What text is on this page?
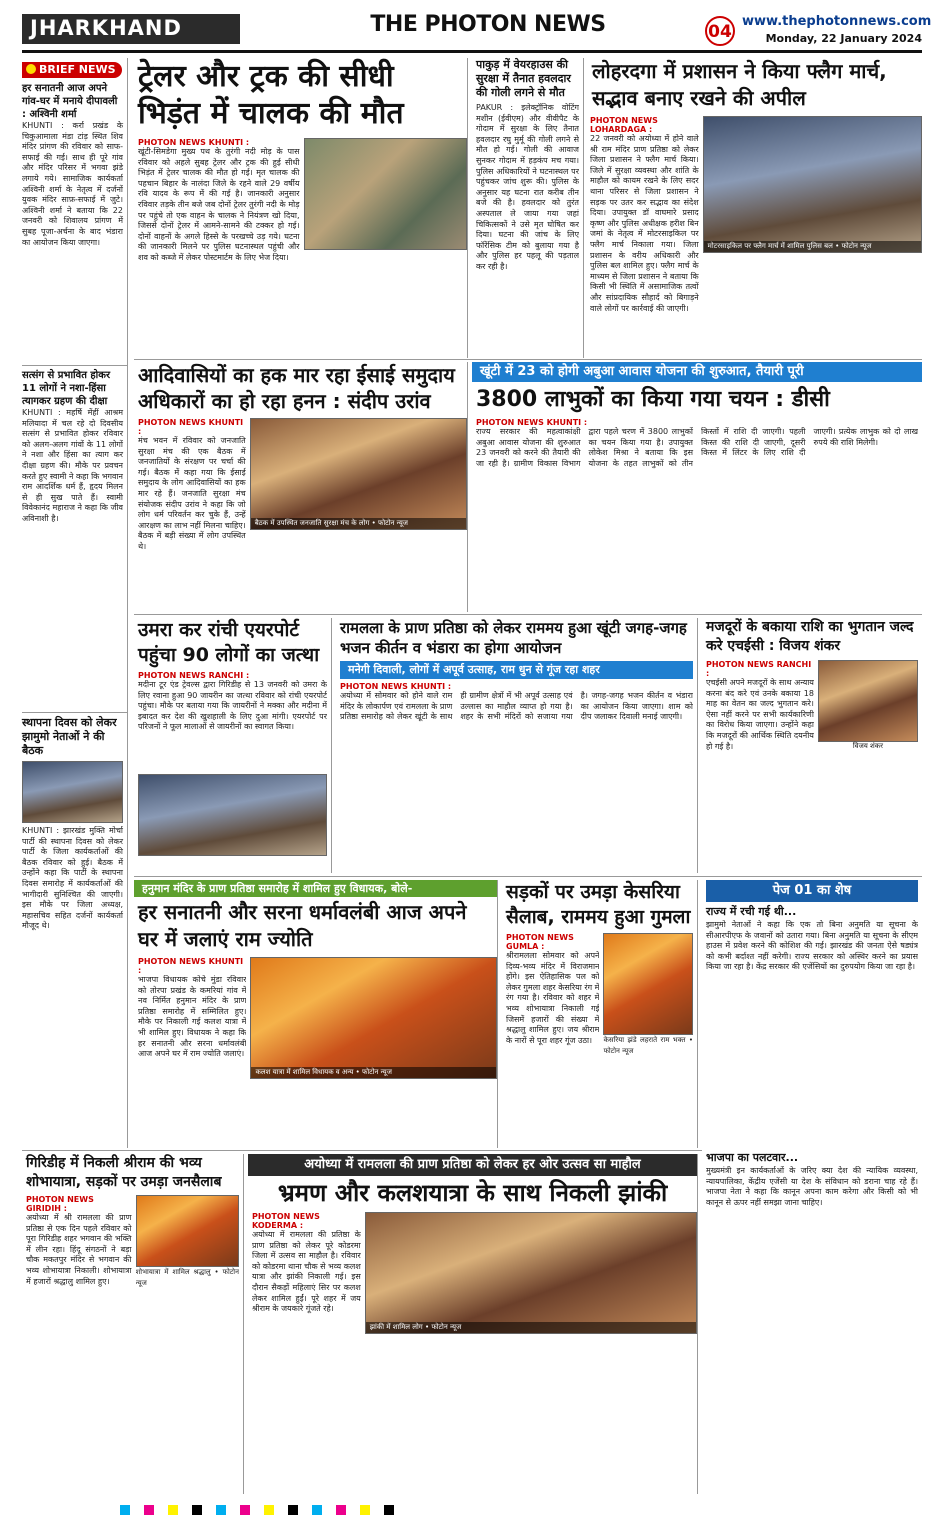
JHARKHAND	THE PHOTON NEWS	04
www.thephotonnews.com
Monday, 22 January 2024
BRIEF NEWS
हर सनातनी आज अपने गांव-घर में मनाये दीपावली : अश्विनी शर्मा
KHUNTI : कर्रा प्रखंड के चिकुआमाला मंडा टांड़ स्थित शिव मंदिर प्रांगण की रविवार को साफ-सफाई की गई। साथ ही पूरे गांव और मंदिर परिसर में भगवा झंडे लगाये गये। सामाजिक कार्यकर्ता अश्विनी शर्मा के नेतृत्व में दर्जनों युवक मंदिर साफ़-सफाई में जुटे। अश्विनी शर्मा ने बताया कि 22 जनवरी को शिवालय प्रांगण में सुबह पूजा-अर्चना के बाद भंडारा का आयोजन किया जाएगा।
सत्संग से प्रभावित होकर 11 लोगों ने नशा-हिंसा त्यागकर ग्रहण की दीक्षा
KHUNTI : महर्षि मेंहीं आश्रम मलियादा में चल रहे दो दिवसीय सत्संग से प्रभावित होकर रविवार को अलग-अलग गांवों के 11 लोगों ने नशा और हिंसा का त्याग कर दीक्षा ग्रहण की। मौके पर प्रवचन करते हुए स्वामी ने कहा कि भगवान राम आदर्शिक धर्म हैं, हृदय मिलन से ही सुख पाते हैं। स्वामी विवेकानंद महाराज ने कहा कि जीव अविनाशी है।
स्थापना दिवस को लेकर झामुमो नेताओं ने की बैठक
KHUNTI : झारखंड मुक्ति मोर्चा पार्टी की स्थापना दिवस को लेकर पार्टी के जिला कार्यकर्ताओं की बैठक रविवार को हुई। बैठक में उन्होंने कहा कि पार्टी के स्थापना दिवस समारोह में कार्यकर्ताओं की भागीदारी सुनिश्चित की जाएगी। इस मौके पर जिला अध्यक्ष, महासचिव सहित दर्जनों कार्यकर्ता मौजूद थे।
ट्रेलर और ट्रक की सीधी भिड़ंत में चालक की मौत
PHOTON NEWS KHUNTI :
खूंटी-सिमडेगा मुख्य पथ के तुरंगी नदी मोड़ के पास रविवार को अहले सुबह ट्रेलर और ट्रक की हुई सीधी भिड़ंत में ट्रेलर चालक की मौत हो गई। मृत चालक की पहचान बिहार के नालंदा जिले के रहने वाले 29 वर्षीय रवि यादव के रूप में की गई है। जानकारी अनुसार रविवार तड़के तीन बजे जब दोनों ट्रेलर तुरंगी नदी के मोड़ पर पहुंचे तो एक वाहन के चालक ने नियंत्रण खो दिया, जिससे दोनों ट्रेलर में आमने-सामने की टक्कर हो गई। दोनों वाहनों के अगले हिस्से के परखच्चे उड़ गये। घटना की जानकारी मिलने पर पुलिस घटनास्थल पहुंची और शव को कब्जे में लेकर पोस्टमार्टम के लिए भेज दिया।
पाकुड़ में वेयरहाउस की सुरक्षा में तैनात हवलदार की गोली लगने से मौत
PAKUR : इलेक्ट्रॉनिक वोटिंग मशीन (ईवीएम) और वीवीपैट के गोदाम में सुरक्षा के लिए तैनात हवलदार रघु मुर्मू की गोली लगने से मौत हो गई। गोली की आवाज सुनकर गोदाम में हड़कंप मच गया। पुलिस अधिकारियों ने घटनास्थल पर पहुंचकर जांच शुरू की। पुलिस के अनुसार यह घटना रात करीब तीन बजे की है। हवलदार को तुरंत अस्पताल ले जाया गया जहां चिकित्सकों ने उसे मृत घोषित कर दिया। घटना की जांच के लिए फॉरेंसिक टीम को बुलाया गया है और पुलिस हर पहलू की पड़ताल कर रही है।
लोहरदगा में प्रशासन ने किया फ्लैग मार्च, सद्भाव बनाए रखने की अपील
PHOTON NEWS LOHARDAGA :
22 जनवरी को अयोध्या में होने वाले श्री राम मंदिर प्राण प्रतिष्ठा को लेकर जिला प्रशासन ने फ्लैग मार्च किया। जिले में सुरक्षा व्यवस्था और शांति के माहौल को कायम रखने के लिए सदर थाना परिसर से जिला प्रशासन ने सड़क पर उतर कर सद्भाव का संदेश दिया। उपायुक्त डॉ वाघमारे प्रसाद कृष्ण और पुलिस अधीक्षक हरीश बिन जमां के नेतृत्व में मोटरसाइकिल पर फ्लैग मार्च निकाला गया। जिला प्रशासन के वरीय अधिकारी और पुलिस बल शामिल हुए। फ्लैग मार्च के माध्यम से जिला प्रशासन ने बताया कि किसी भी स्थिति में असामाजिक तत्वों और सांप्रदायिक सौहार्द को बिगाड़ने वाले लोगों पर कार्रवाई की जाएगी।
मोटरसाइकिल पर फ्लैग मार्च में शामिल पुलिस बल • फोटोन न्यूज
आदिवासियों का हक मार रहा ईसाई समुदाय अधिकारों का हो रहा हनन : संदीप उरांव
PHOTON NEWS KHUNTI :
मंच भवन में रविवार को जनजाति सुरक्षा मंच की एक बैठक में जनजातियों के संरक्षण पर चर्चा की गई। बैठक में कहा गया कि ईसाई समुदाय के लोग आदिवासियों का हक मार रहे हैं। जनजाति सुरक्षा मंच संयोजक संदीप उरांव ने कहा कि जो लोग धर्म परिवर्तन कर चुके हैं, उन्हें आरक्षण का लाभ नहीं मिलना चाहिए। बैठक में बड़ी संख्या में लोग उपस्थित थे।
बैठक में उपस्थित जनजाति सुरक्षा मंच के लोग • फोटोन न्यूज
खूंटी में 23 को होगी अबुआ आवास योजना की शुरुआत, तैयारी पूरी
3800 लाभुकों का किया गया चयन : डीसी
PHOTON NEWS KHUNTI :
राज्य सरकार की महत्वाकांक्षी अबुआ आवास योजना की शुरुआत 23 जनवरी को करने की तैयारी की जा रही है। ग्रामीण विकास विभाग द्वारा पहले चरण में 3800 लाभुकों का चयन किया गया है। उपायुक्त लोकेश मिश्रा ने बताया कि इस योजना के तहत लाभुकों को तीन किस्तों में राशि दी जाएगी। पहली किस्त की राशि दी जाएगी, दूसरी किस्त में लिंटर के लिए राशि दी जाएगी। प्रत्येक लाभुक को दो लाख रुपये की राशि मिलेगी।
उमरा कर रांची एयरपोर्ट पहुंचा 90 लोगों का जत्था
PHOTON NEWS RANCHI :
मदीना टूर एंड ट्रेवल्स द्वारा गिरिडीह से 13 जनवरी को उमरा के लिए रवाना हुआ 90 जायरीन का जत्था रविवार को रांची एयरपोर्ट पहुंचा। मौके पर बताया गया कि जायरीनों ने मक्का और मदीना में इबादत कर देश की खुशहाली के लिए दुआ मांगी। एयरपोर्ट पर परिजनों ने फूल मालाओं से जायरीनों का स्वागत किया।
रामलला के प्राण प्रतिष्ठा को लेकर राममय हुआ खूंटी जगह-जगह भजन कीर्तन व भंडारा का होगा आयोजन
मनेगी दिवाली, लोगों में अपूर्व उत्साह, राम धुन से गूंज रहा शहर
PHOTON NEWS KHUNTI :
अयोध्या में सोमवार को होने वाले राम मंदिर के लोकार्पण एवं रामलला के प्राण प्रतिष्ठा समारोह को लेकर खूंटी के साथ ही ग्रामीण क्षेत्रों में भी अपूर्व उत्साह एवं उल्लास का माहौल व्याप्त हो गया है। शहर के सभी मंदिरों को सजाया गया है। जगह-जगह भजन कीर्तन व भंडारा का आयोजन किया जाएगा। शाम को दीप जलाकर दिवाली मनाई जाएगी।
मजदूरों के बकाया राशि का भुगतान जल्द करे एचईसी : विजय शंकर
PHOTON NEWS RANCHI :
एचईसी अपने मजदूरों के साथ अन्याय करना बंद करे एवं उनके बकाया 18 माह का वेतन का जल्द भुगतान करे। ऐसा नहीं करने पर सभी कार्यकारिणी का विरोध किया जाएगा। उन्होंने कहा कि मजदूरों की आर्थिक स्थिति दयनीय हो गई है।	विजय शंकर
हनुमान मंदिर के प्राण प्रतिष्ठा समारोह में शामिल हुए विधायक, बोले-
हर सनातनी और सरना धर्मावलंबी आज अपने घर में जलाएं राम ज्योति
PHOTON NEWS KHUNTI :
भाजपा विधायक कोचे मुंडा रविवार को तोरपा प्रखंड के कमरियां गांव में नव निर्मित हनुमान मंदिर के प्राण प्रतिष्ठा समारोह में सम्मिलित हुए। मौके पर निकाली गई कलश यात्रा में भी शामिल हुए। विधायक ने कहा कि हर सनातनी और सरना धर्मावलंबी आज अपने घर में राम ज्योति जलाएं।
कलश यात्रा में शामिल विधायक व अन्य • फोटोन न्यूज
सड़कों पर उमड़ा केसरिया सैलाब, राममय हुआ गुमला
PHOTON NEWS GUMLA :
श्रीरामलला सोमवार को अपने दिव्य-भव्य मंदिर में विराजमान होंगे। इस ऐतिहासिक पल को लेकर गुमला शहर केसरिया रंग में रंग गया है। रविवार को शहर में भव्य शोभायात्रा निकाली गई जिसमें हजारों की संख्या में श्रद्धालु शामिल हुए। जय श्रीराम के नारों से पूरा शहर गूंज उठा।	केसरिया झंडे लहराते राम भक्त • फोटोन न्यूज
पेज 01 का शेष
राज्य में रची गई थी...
झामुमो नेताओं ने कहा कि एक तो बिना अनुमति या सूचना के सीआरपीएफ के जवानों को उतारा गया। बिना अनुमति या सूचना के सीएम हाउस में प्रवेश करने की कोशिश की गई। झारखंड की जनता ऐसे षड्यंत्र को कभी बर्दाश्त नहीं करेगी। राज्य सरकार को अस्थिर करने का प्रयास किया जा रहा है। केंद्र सरकार की एजेंसियों का दुरुपयोग किया जा रहा है।
गिरिडीह में निकली श्रीराम की भव्य शोभायात्रा, सड़कों पर उमड़ा जनसैलाब
PHOTON NEWS GIRIDIH :
अयोध्या में श्री रामलला की प्राण प्रतिष्ठा से एक दिन पहले रविवार को पूरा गिरिडीह शहर भगवान की भक्ति में लीन रहा। हिंदू संगठनों ने बड़ा चौक मकतपुर मंदिर से भगवान की भव्य शोभायात्रा निकाली। शोभायात्रा में हजारों श्रद्धालु शामिल हुए।
शोभायात्रा में शामिल श्रद्धालु • फोटोन न्यूज
अयोध्या में रामलला की प्राण प्रतिष्ठा को लेकर हर ओर उत्सव सा माहौल
भ्रमण और कलशयात्रा के साथ निकली झांकी
PHOTON NEWS KODERMA :
अयोध्या में रामलला की प्रतिष्ठा के प्राण प्रतिष्ठा को लेकर पूरे कोडरमा जिला में उत्सव सा माहौल है। रविवार को कोडरमा थाना चौक से भव्य कलश यात्रा और झांकी निकाली गई। इस दौरान सैकड़ों महिलाएं सिर पर कलश लेकर शामिल हुईं। पूरे शहर में जय श्रीराम के जयकारे गूंजते रहे।
झांकी में शामिल लोग • फोटोन न्यूज
भाजपा का पलटवार...
मुख्यमंत्री इन कार्यकर्ताओं के जरिए क्या देश की न्यायिक व्यवस्था, न्यायपालिका, केंद्रीय एजेंसी या देश के संविधान को डराना चाह रहे हैं। भाजपा नेता ने कहा कि कानून अपना काम करेगा और किसी को भी कानून से ऊपर नहीं समझा जाना चाहिए।
